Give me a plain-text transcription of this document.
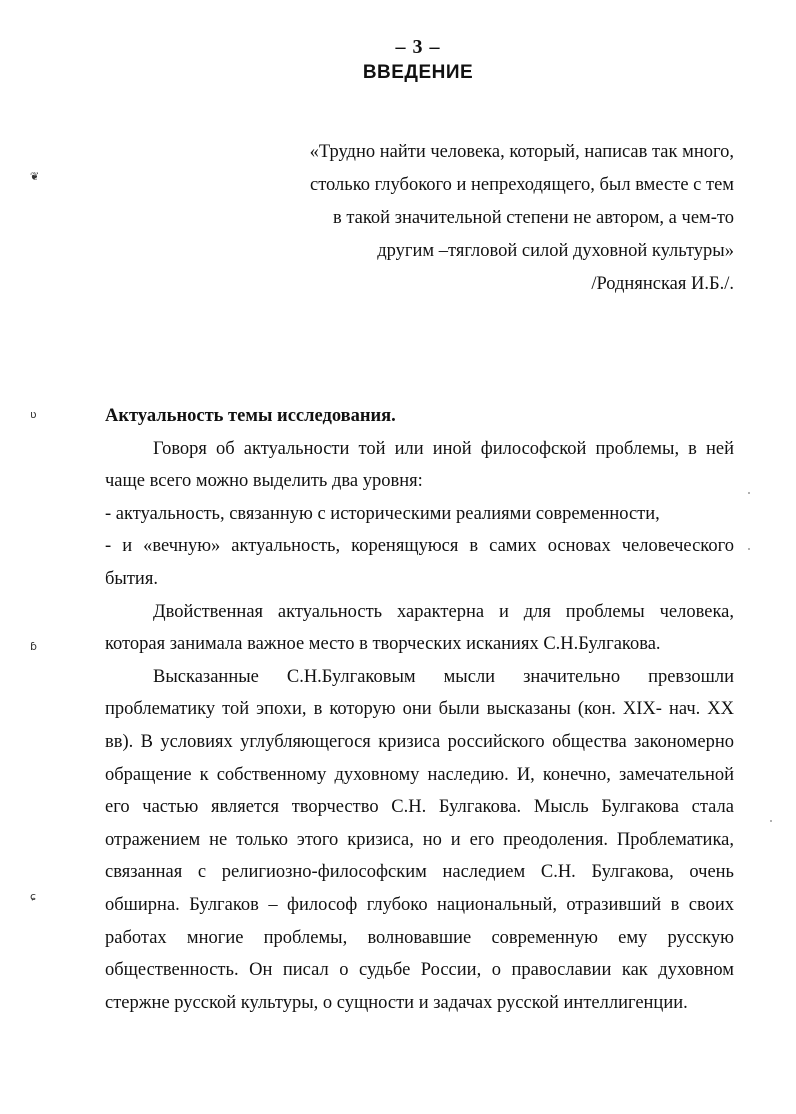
– 3 –
ВВЕДЕНИЕ
«Трудно найти человека, который, написав так много,
столько глубокого и непреходящего, был вместе с тем
в такой значительной степени не автором, а чем-то
другим –тягловой силой духовной культуры»
/Роднянская И.Б./.

Актуальность темы исследования.

Говоря об актуальности той или иной философской проблемы, в ней чаще всего можно выделить два уровня:

- актуальность, связанную с историческими реалиями современности,

- и «вечную» актуальность, коренящуюся в самих основах человеческого бытия.

Двойственная актуальность характерна и для проблемы человека, которая занимала важное место в творческих исканиях С.Н.Булгакова.

Высказанные С.Н.Булгаковым мысли значительно превзошли проблематику той эпохи, в которую они были высказаны (кон. XIX- нач. XX вв). В условиях углубляющегося кризиса российского общества закономерно обращение к собственному духовному наследию. И, конечно, замечательной его частью является творчество С.Н. Булгакова. Мысль Булгакова стала отражением не только этого кризиса, но и его преодоления. Проблематика, связанная с религиозно-философским наследием С.Н. Булгакова, очень обширна. Булгаков – философ глубоко национальный, отразивший в своих работах многие проблемы, волновавшие современную ему русскую общественность. Он писал о судьбе России, о православии как духовном стержне русской культуры, о сущности и задачах русской интеллигенции.

❦
ʋ
ɓ
ɕ
